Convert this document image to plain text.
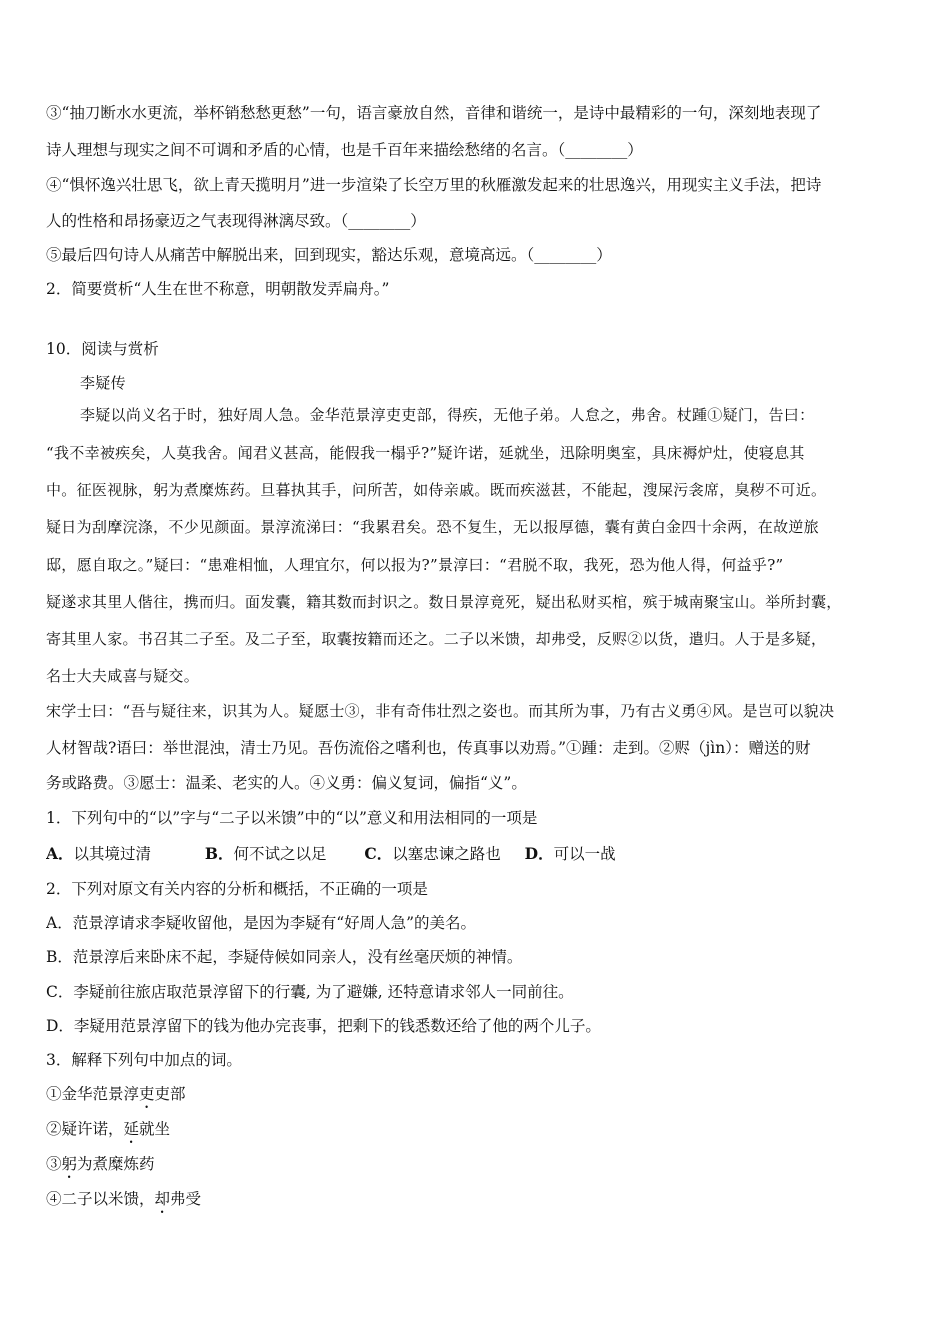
③“抽刀断水水更流，举杯销愁愁更愁”一句，语言豪放自然，音律和谐统一，是诗中最精彩的一句，深刻地表现了
诗人理想与现实之间不可调和矛盾的心情，也是千百年来描绘愁绪的名言。（________）
④“惧怀逸兴壮思飞，欲上青天揽明月”进一步渲染了长空万里的秋雁激发起来的壮思逸兴，用现实主义手法，把诗
人的性格和昂扬豪迈之气表现得淋漓尽致。（________）
⑤最后四句诗人从痛苦中解脱出来，回到现实，豁达乐观，意境高远。（________）
2．简要赏析“人生在世不称意，明朝散发弄扁舟。”
10．阅读与赏析
李疑传
李疑以尚义名于时，独好周人急。金华范景淳吏吏部，得疾，无他子弟。人怠之，弗舍。杖踵①疑门，告曰：
“我不幸被疾矣，人莫我舍。闻君义甚高，能假我一榻乎?”疑许诺，延就坐，迅除明奥室，具床褥炉灶，使寝息其
中。征医视脉，躬为煮糜炼药。旦暮执其手，问所苦，如侍亲戚。既而疾滋甚，不能起，溲屎污衾席，臭秽不可近。
疑日为刮摩浣涤，不少见颜面。景淳流涕曰：“我累君矣。恐不复生，无以报厚德，囊有黄白金四十余两，在故逆旅
邸，愿自取之。”疑曰：“患难相恤，人理宜尔，何以报为?”景淳曰：“君脱不取，我死，恐为他人得，何益乎?”
疑遂求其里人偕往，携而归。面发囊，籍其数而封识之。数日景淳竟死，疑出私财买棺，殡于城南聚宝山。举所封囊，
寄其里人家。书召其二子至。及二子至，取囊按籍而还之。二子以米馈，却弗受，反赆②以货，遣归。人于是多疑，
名士大夫咸喜与疑交。
宋学士曰：“吾与疑往来，识其为人。疑愿士③，非有奇伟壮烈之姿也。而其所为事，乃有古义勇④风。是岂可以貌决
人材智哉?语曰：举世混浊，清士乃见。吾伤流俗之嗜利也，传真事以劝焉。”①踵：走到。②赆（jìn）：赠送的财
务或路费。③愿士：温柔、老实的人。④义勇：偏义复词，偏指“义”。
1．下列句中的“以”字与“二子以米馈”中的“以”意义和用法相同的一项是
A．以其境过清	B．何不试之以足 C．以塞忠谏之路也 D．可以一战
2．下列对原文有关内容的分析和概括，不正确的一项是
A．范景淳请求李疑收留他，是因为李疑有“好周人急”的美名。
B．范景淳后来卧床不起，李疑侍候如同亲人，没有丝毫厌烦的神情。
C．李疑前往旅店取范景淳留下的行囊, 为了避嫌, 还特意请求邻人一同前往。
D．李疑用范景淳留下的钱为他办完丧事，把剩下的钱悉数还给了他的两个儿子。
3．解释下列句中加点的词。
①金华范景淳吏吏部
②疑许诺，延就坐
③躬为煮糜炼药
④二子以米馈，却弗受
